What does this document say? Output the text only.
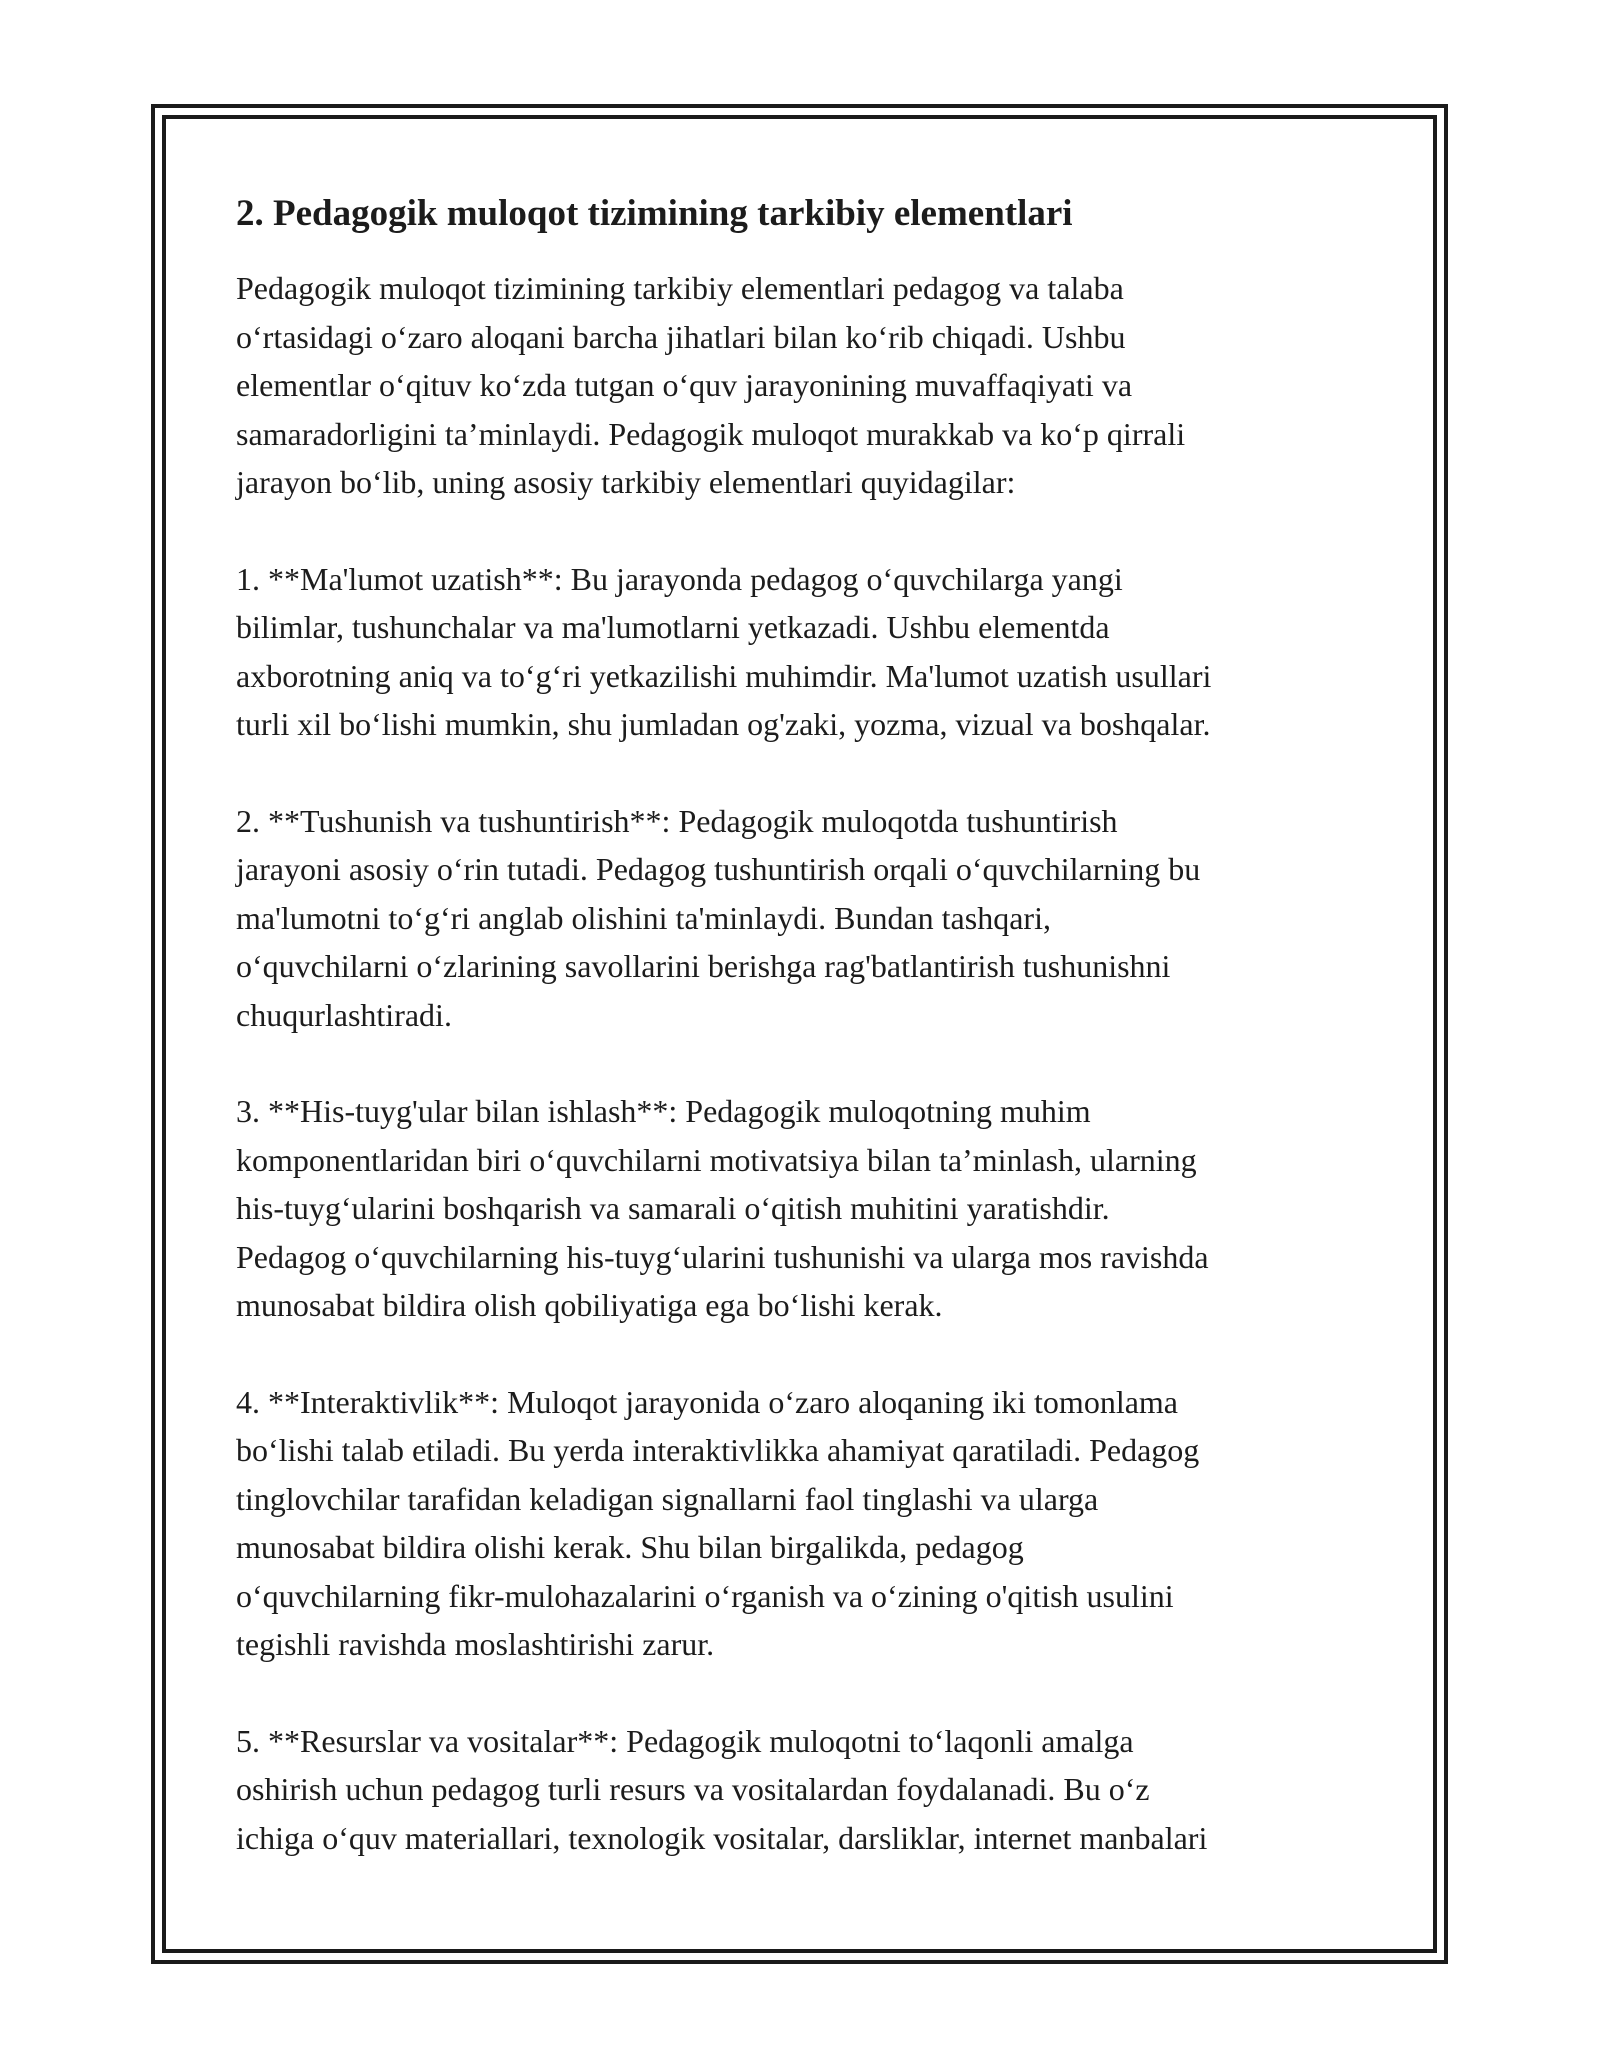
2. Pedagogik muloqot tizimining tarkibiy elementlari

Pedagogik muloqot tizimining tarkibiy elementlari pedagog va talaba
o‘rtasidagi o‘zaro aloqani barcha jihatlari bilan ko‘rib chiqadi. Ushbu
elementlar o‘qituv ko‘zda tutgan o‘quv jarayonining muvaffaqiyati va
samaradorligini ta’minlaydi. Pedagogik muloqot murakkab va ko‘p qirrali
jarayon bo‘lib, uning asosiy tarkibiy elementlari quyidagilar:

1. **Ma'lumot uzatish**: Bu jarayonda pedagog o‘quvchilarga yangi
bilimlar, tushunchalar va ma'lumotlarni yetkazadi. Ushbu elementda
axborotning aniq va to‘g‘ri yetkazilishi muhimdir. Ma'lumot uzatish usullari
turli xil bo‘lishi mumkin, shu jumladan og'zaki, yozma, vizual va boshqalar.

2. **Tushunish va tushuntirish**: Pedagogik muloqotda tushuntirish
jarayoni asosiy o‘rin tutadi. Pedagog tushuntirish orqali o‘quvchilarning bu
ma'lumotni to‘g‘ri anglab olishini ta'minlaydi. Bundan tashqari,
o‘quvchilarni o‘zlarining savollarini berishga rag'batlantirish tushunishni
chuqurlashtiradi.

3. **His-tuyg'ular bilan ishlash**: Pedagogik muloqotning muhim
komponentlaridan biri o‘quvchilarni motivatsiya bilan ta’minlash, ularning
his-tuyg‘ularini boshqarish va samarali o‘qitish muhitini yaratishdir.
Pedagog o‘quvchilarning his-tuyg‘ularini tushunishi va ularga mos ravishda
munosabat bildira olish qobiliyatiga ega bo‘lishi kerak.

4. **Interaktivlik**: Muloqot jarayonida o‘zaro aloqaning iki tomonlama
bo‘lishi talab etiladi. Bu yerda interaktivlikka ahamiyat qaratiladi. Pedagog
tinglovchilar tarafidan keladigan signallarni faol tinglashi va ularga
munosabat bildira olishi kerak. Shu bilan birgalikda, pedagog
o‘quvchilarning fikr-mulohazalarini o‘rganish va o‘zining o'qitish usulini
tegishli ravishda moslashtirishi zarur.

5. **Resurslar va vositalar**: Pedagogik muloqotni to‘laqonli amalga
oshirish uchun pedagog turli resurs va vositalardan foydalanadi. Bu o‘z
ichiga o‘quv materiallari, texnologik vositalar, darsliklar, internet manbalari
